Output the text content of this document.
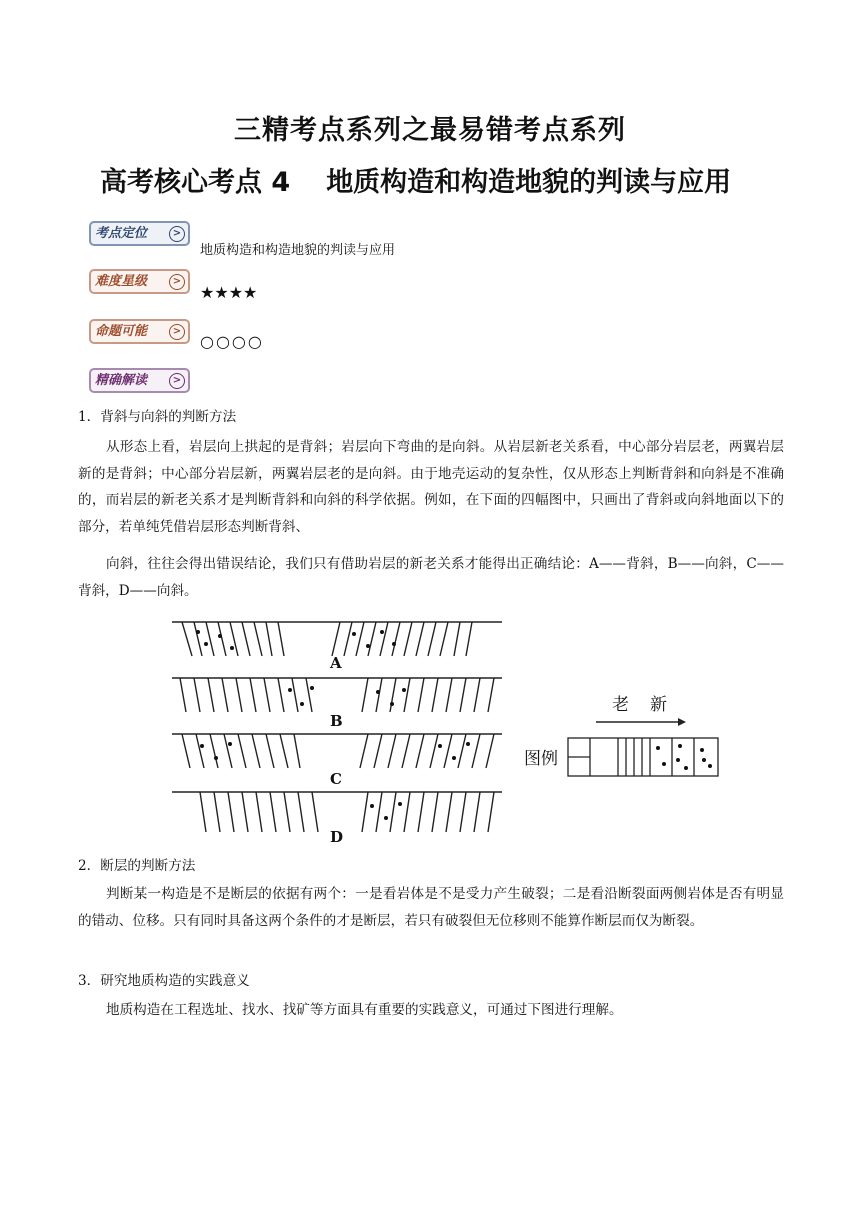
三精考点系列之最易错考点系列
高考核心考点 4 地质构造和构造地貌的判读与应用
考点定位	>
地质构造和构造地貌的判读与应用
难度星级	>
★★★★
命题可能	>
○○○○
精确解读	>
1．背斜与向斜的判断方法
从形态上看，岩层向上拱起的是背斜；岩层向下弯曲的是向斜。从岩层新老关系看，中心部分岩层老，两翼岩层新的是背斜；中心部分岩层新，两翼岩层老的是向斜。由于地壳运动的复杂性，仅从形态上判断背斜和向斜是不准确的，而岩层的新老关系才是判断背斜和向斜的科学依据。例如，在下面的四幅图中，只画出了背斜或向斜地面以下的部分，若单纯凭借岩层形态判断背斜、
向斜，往往会得出错误结论，我们只有借助岩层的新老关系才能得出正确结论：A——背斜，B——向斜，C——背斜，D——向斜。
A
B
C
D
老 新
图例
2．断层的判断方法
判断某一构造是不是断层的依据有两个：一是看岩体是不是受力产生破裂；二是看沿断裂面两侧岩体是否有明显的错动、位移。只有同时具备这两个条件的才是断层，若只有破裂但无位移则不能算作断层而仅为断裂。
3．研究地质构造的实践意义
地质构造在工程选址、找水、找矿等方面具有重要的实践意义，可通过下图进行理解。
